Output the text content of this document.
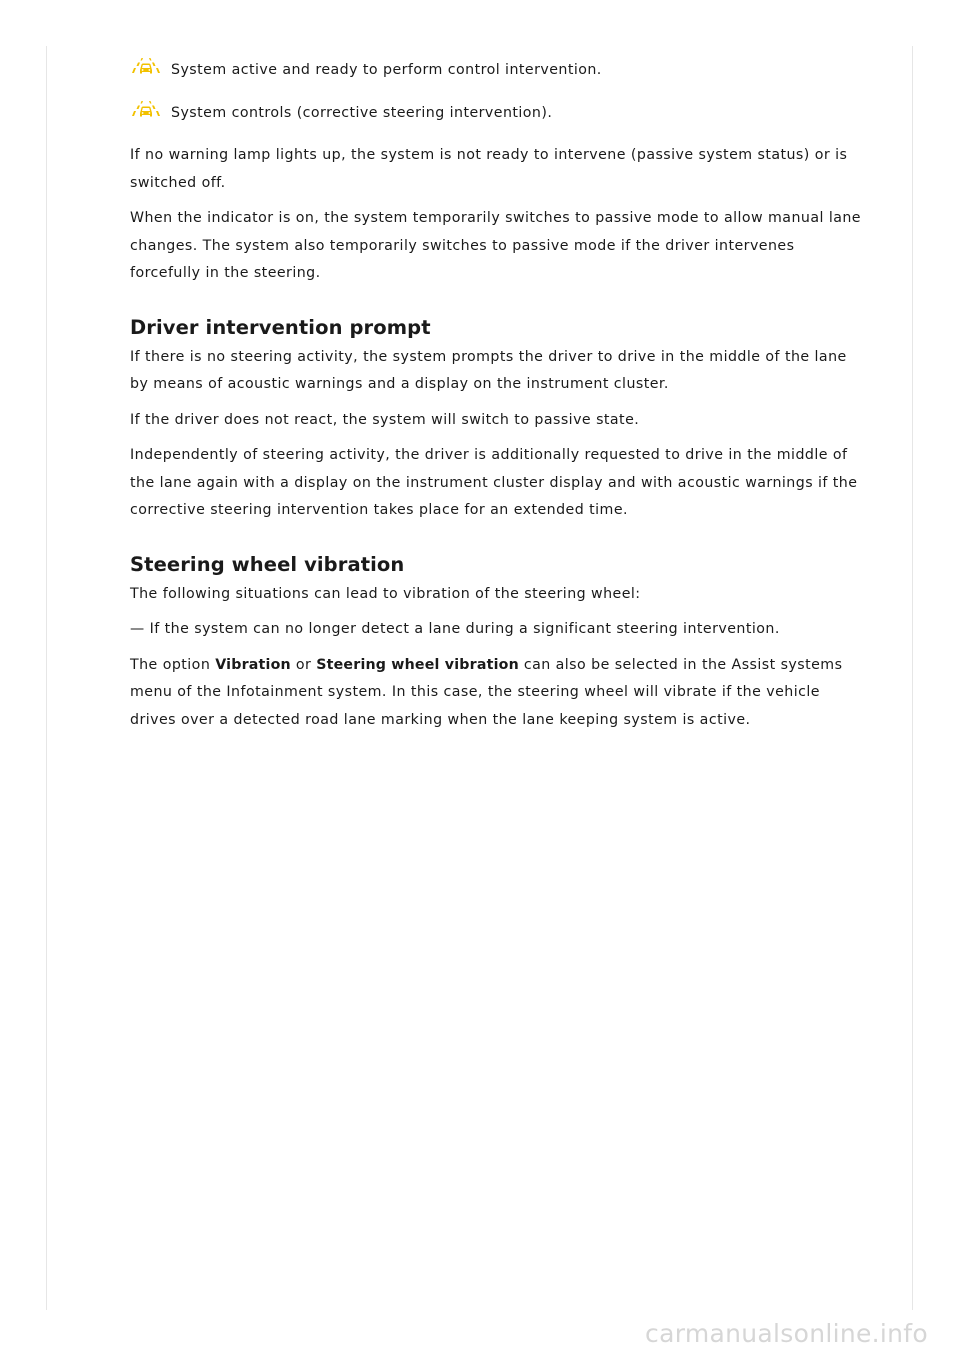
System active and ready to perform control intervention.
System controls (corrective steering intervention).

If no warning lamp lights up, the system is not ready to intervene (passive system status) or is switched off.

When the indicator is on, the system temporarily switches to passive mode to allow manual lane changes. The system also temporarily switches to passive mode if the driver intervenes forcefully in the steering.

Driver intervention prompt

If there is no steering activity, the system prompts the driver to drive in the middle of the lane by means of acoustic warnings and a display on the instrument cluster.

If the driver does not react, the system will switch to passive state.

Independently of steering activity, the driver is additionally requested to drive in the middle of the lane again with a display on the instrument cluster display and with acoustic warnings if the corrective steering intervention takes place for an extended time.

Steering wheel vibration

The following situations can lead to vibration of the steering wheel:

— If the system can no longer detect a lane during a significant steering intervention.

The option Vibration or Steering wheel vibration can also be selected in the Assist systems menu of the Infotainment system. In this case, the steering wheel will vibrate if the vehicle drives over a detected road lane marking when the lane keeping system is active.

carmanualsonline.info
